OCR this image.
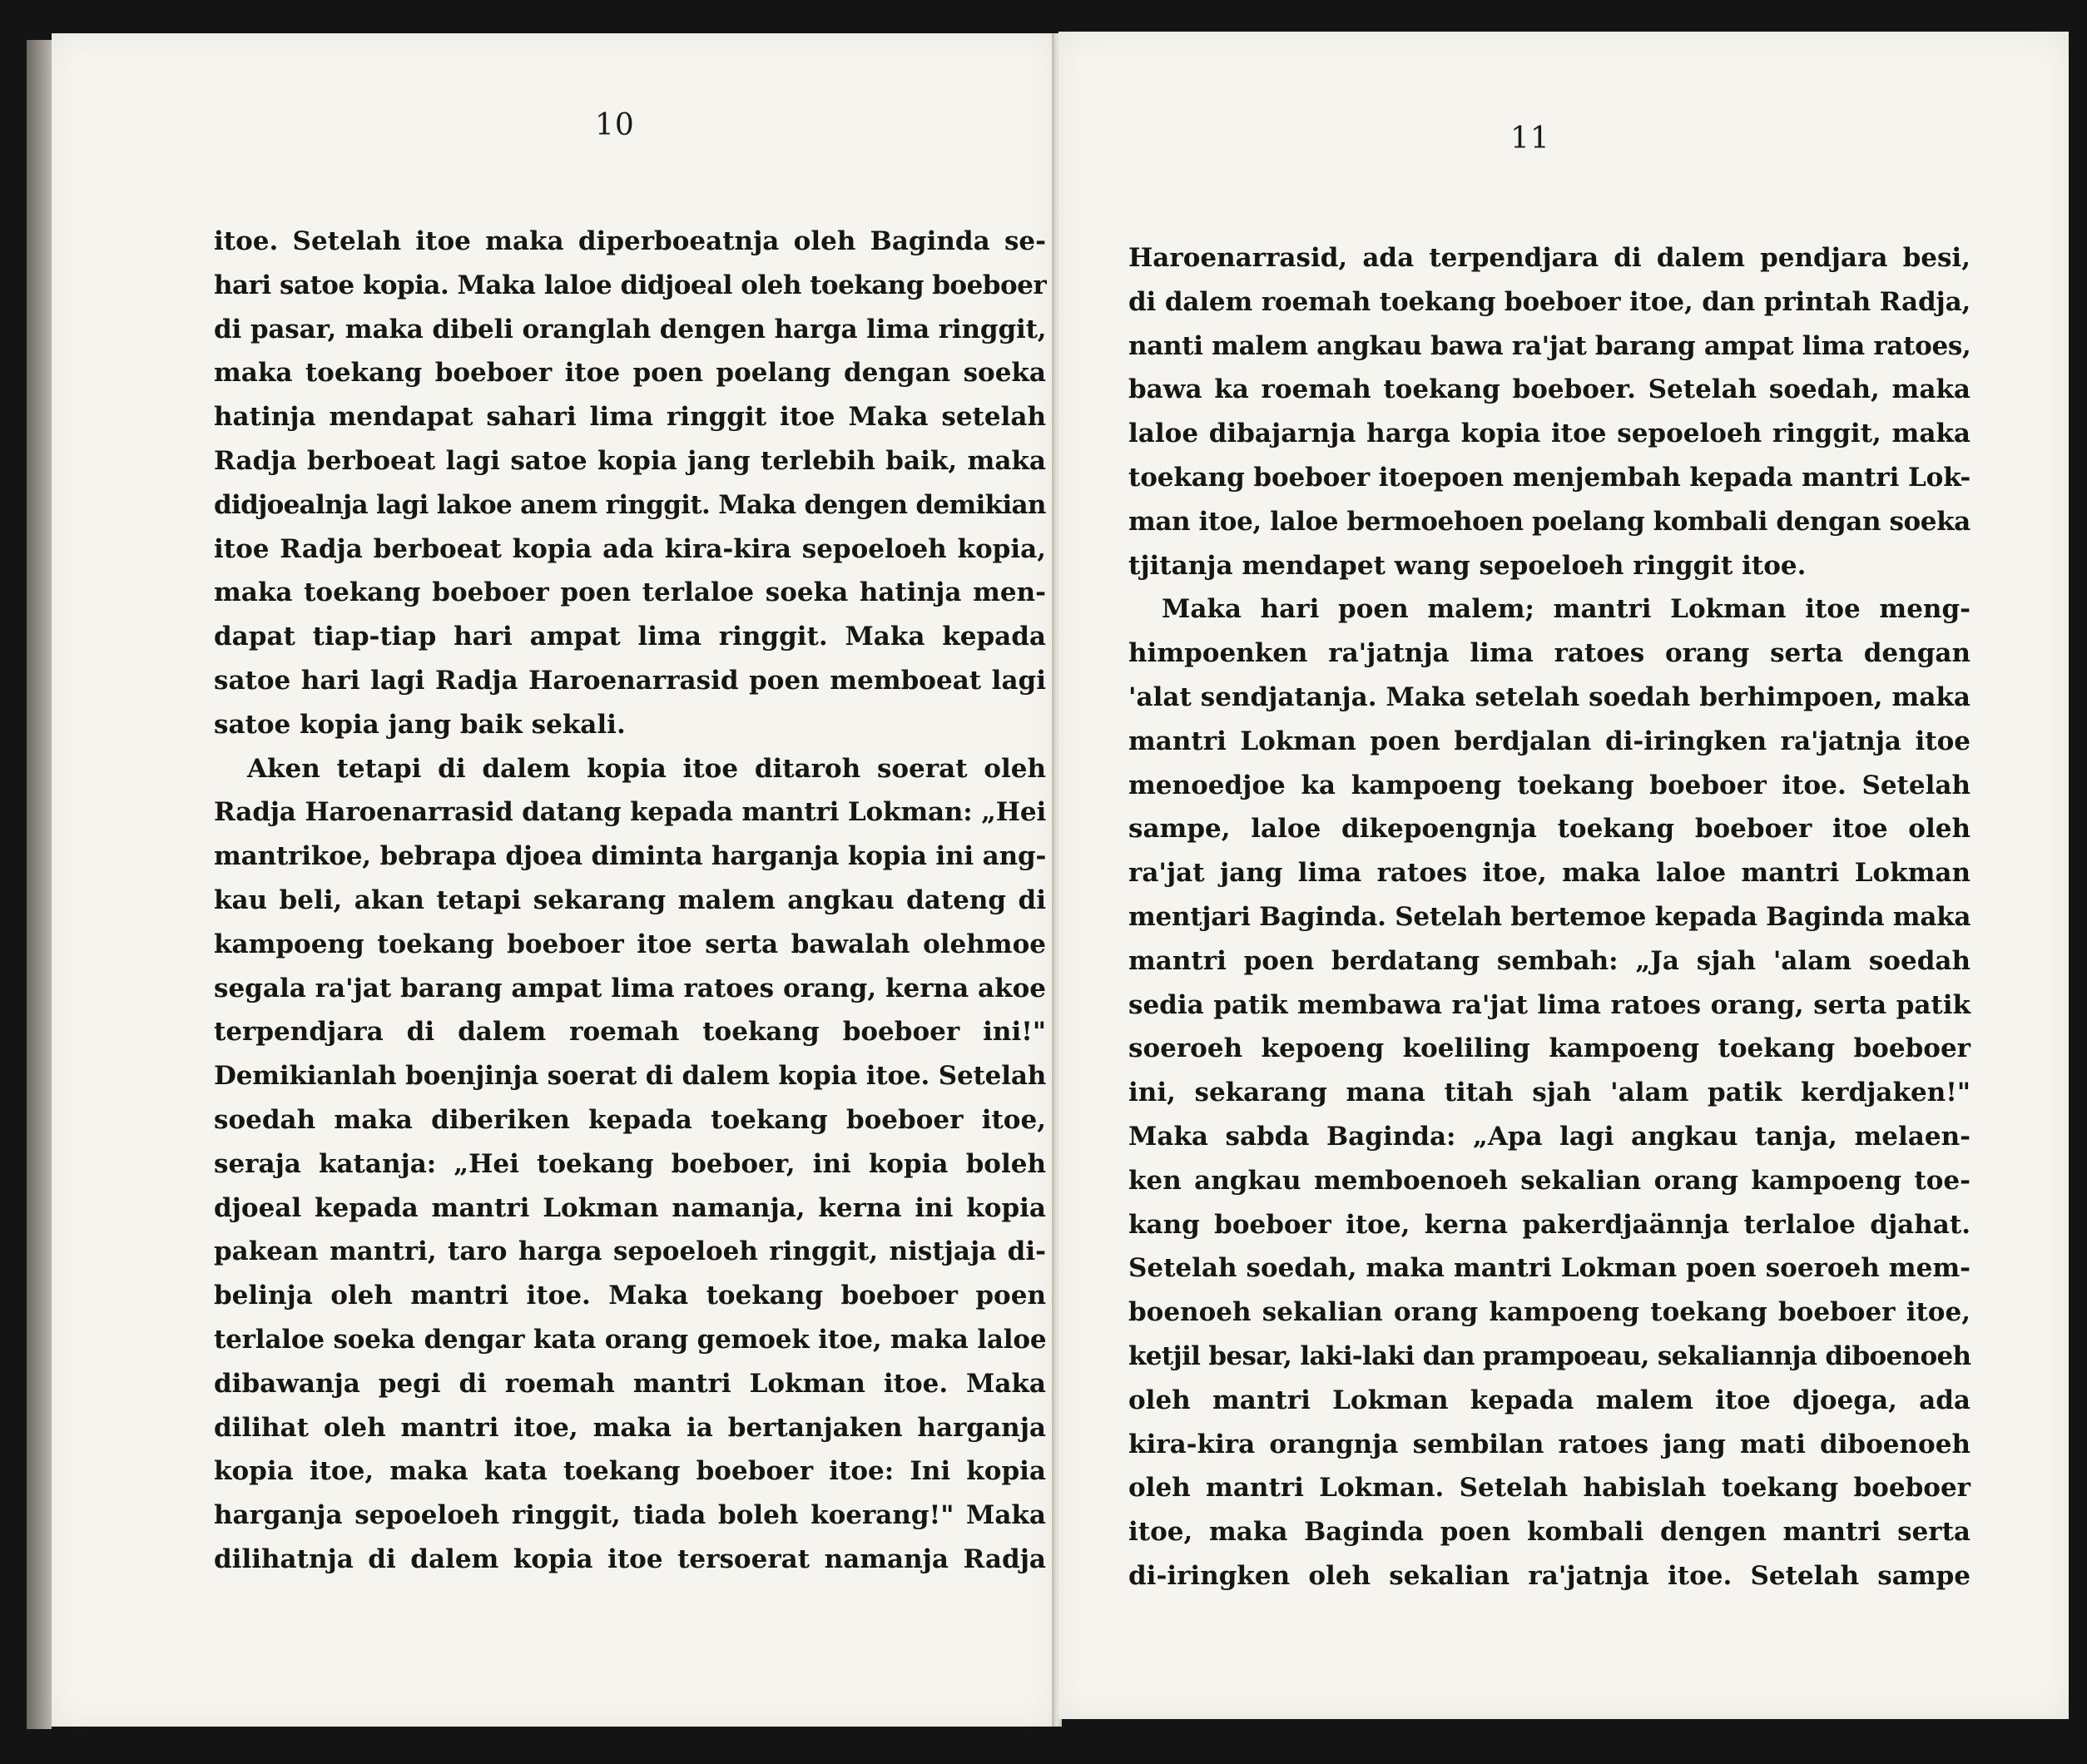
10
itoe. Setelah itoe maka diperboeatnja oleh Baginda se-
hari satoe kopia. Maka laloe didjoeal oleh toekang boeboer
di pasar, maka dibeli oranglah dengen harga lima ringgit,
maka toekang boeboer itoe poen poelang dengan soeka
hatinja mendapat sahari lima ringgit itoe Maka setelah
Radja berboeat lagi satoe kopia jang terlebih baik, maka
didjoealnja lagi lakoe anem ringgit. Maka dengen demikian
itoe Radja berboeat kopia ada kira-kira sepoeloeh kopia,
maka toekang boeboer poen terlaloe soeka hatinja men-
dapat tiap-tiap hari ampat lima ringgit. Maka kepada
satoe hari lagi Radja Haroenarrasid poen memboeat lagi
satoe kopia jang baik sekali.
Aken tetapi di dalem kopia itoe ditaroh soerat oleh
Radja Haroenarrasid datang kepada mantri Lokman: „Hei
mantrikoe, bebrapa djoea diminta harganja kopia ini ang-
kau beli, akan tetapi sekarang malem angkau dateng di
kampoeng toekang boeboer itoe serta bawalah olehmoe
segala ra'jat barang ampat lima ratoes orang, kerna akoe
terpendjara di dalem roemah toekang boeboer ini!"
Demikianlah boenjinja soerat di dalem kopia itoe. Setelah
soedah maka diberiken kepada toekang boeboer itoe,
seraja katanja: „Hei toekang boeboer, ini kopia boleh
djoeal kepada mantri Lokman namanja, kerna ini kopia
pakean mantri, taro harga sepoeloeh ringgit, nistjaja di-
belinja oleh mantri itoe. Maka toekang boeboer poen
terlaloe soeka dengar kata orang gemoek itoe, maka laloe
dibawanja pegi di roemah mantri Lokman itoe. Maka
dilihat oleh mantri itoe, maka ia bertanjaken harganja
kopia itoe, maka kata toekang boeboer itoe: Ini kopia
harganja sepoeloeh ringgit, tiada boleh koerang!" Maka
dilihatnja di dalem kopia itoe tersoerat namanja Radja
11
Haroenarrasid, ada terpendjara di dalem pendjara besi,
di dalem roemah toekang boeboer itoe, dan printah Radja,
nanti malem angkau bawa ra'jat barang ampat lima ratoes,
bawa ka roemah toekang boeboer. Setelah soedah, maka
laloe dibajarnja harga kopia itoe sepoeloeh ringgit, maka
toekang boeboer itoepoen menjembah kepada mantri Lok-
man itoe, laloe bermoehoen poelang kombali dengan soeka
tjitanja mendapet wang sepoeloeh ringgit itoe.
Maka hari poen malem; mantri Lokman itoe meng-
himpoenken ra'jatnja lima ratoes orang serta dengan
'alat sendjatanja. Maka setelah soedah berhimpoen, maka
mantri Lokman poen berdjalan di-iringken ra'jatnja itoe
menoedjoe ka kampoeng toekang boeboer itoe. Setelah
sampe, laloe dikepoengnja toekang boeboer itoe oleh
ra'jat jang lima ratoes itoe, maka laloe mantri Lokman
mentjari Baginda. Setelah bertemoe kepada Baginda maka
mantri poen berdatang sembah: „Ja sjah 'alam soedah
sedia patik membawa ra'jat lima ratoes orang, serta patik
soeroeh kepoeng koeliling kampoeng toekang boeboer
ini, sekarang mana titah sjah 'alam patik kerdjaken!"
Maka sabda Baginda: „Apa lagi angkau tanja, melaen-
ken angkau memboenoeh sekalian orang kampoeng toe-
kang boeboer itoe, kerna pakerdjaännja terlaloe djahat.
Setelah soedah, maka mantri Lokman poen soeroeh mem-
boenoeh sekalian orang kampoeng toekang boeboer itoe,
ketjil besar, laki-laki dan prampoeau, sekaliannja diboenoeh
oleh mantri Lokman kepada malem itoe djoega, ada
kira-kira orangnja sembilan ratoes jang mati diboenoeh
oleh mantri Lokman. Setelah habislah toekang boeboer
itoe, maka Baginda poen kombali dengen mantri serta
di-iringken oleh sekalian ra'jatnja itoe. Setelah sampe
